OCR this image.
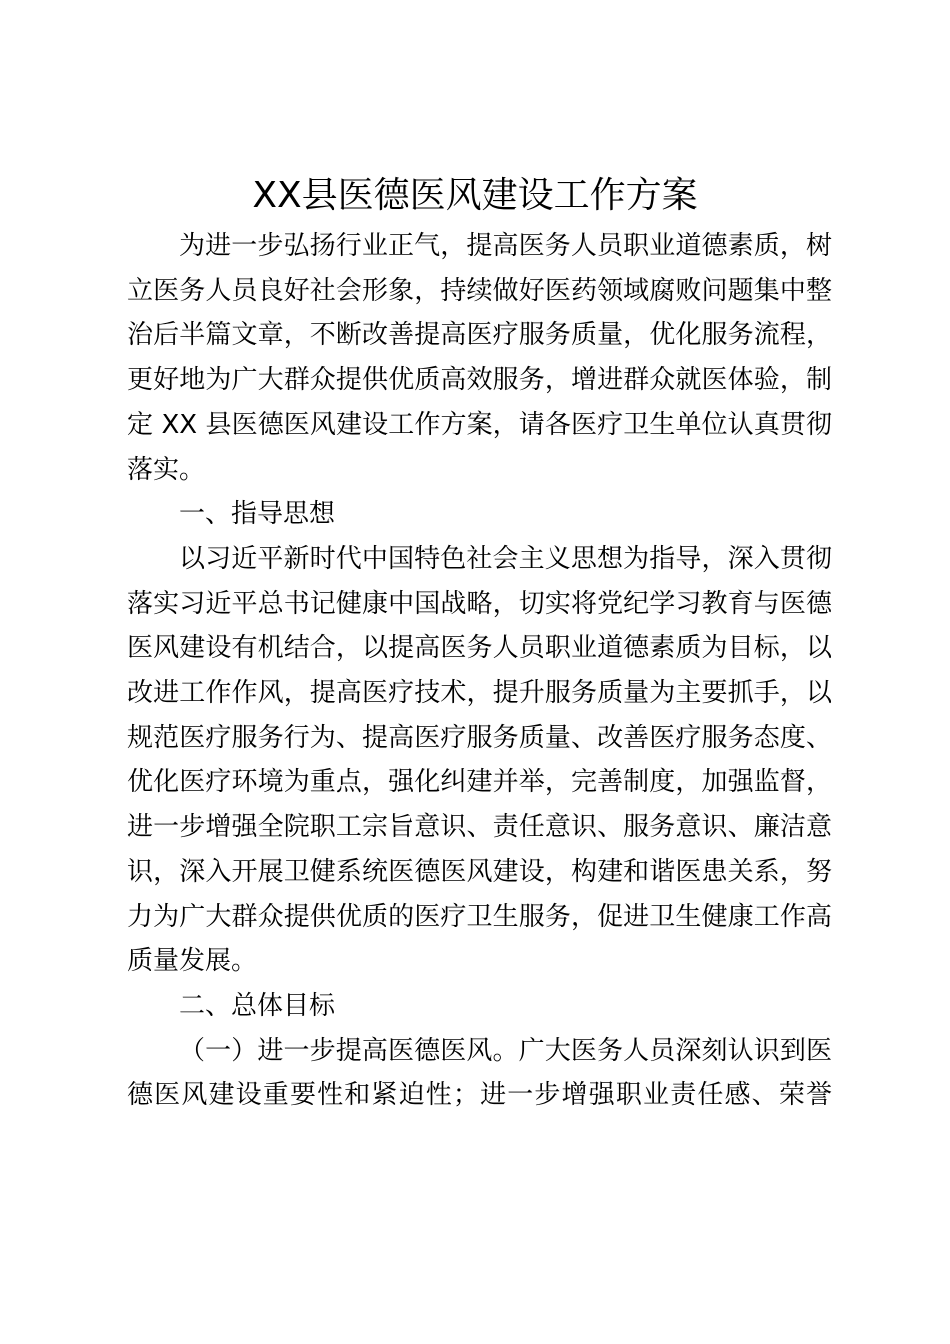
XX县医德医风建设工作方案

为进一步弘扬行业正气，提高医务人员职业道德素质，树
立医务人员良好社会形象，持续做好医药领域腐败问题集中整
治后半篇文章，不断改善提高医疗服务质量，优化服务流程，
更好地为广大群众提供优质高效服务，增进群众就医体验，制
定 XX 县医德医风建设工作方案，请各医疗卫生单位认真贯彻
落实。

一、指导思想

以习近平新时代中国特色社会主义思想为指导，深入贯彻
落实习近平总书记健康中国战略，切实将党纪学习教育与医德
医风建设有机结合，以提高医务人员职业道德素质为目标，以
改进工作作风，提高医疗技术，提升服务质量为主要抓手，以
规范医疗服务行为、提高医疗服务质量、改善医疗服务态度、
优化医疗环境为重点，强化纠建并举，完善制度，加强监督，
进一步增强全院职工宗旨意识、责任意识、服务意识、廉洁意
识，深入开展卫健系统医德医风建设，构建和谐医患关系，努
力为广大群众提供优质的医疗卫生服务，促进卫生健康工作高
质量发展。

二、总体目标

（一）进一步提高医德医风。广大医务人员深刻认识到医
德医风建设重要性和紧迫性；进一步增强职业责任感、荣誉
